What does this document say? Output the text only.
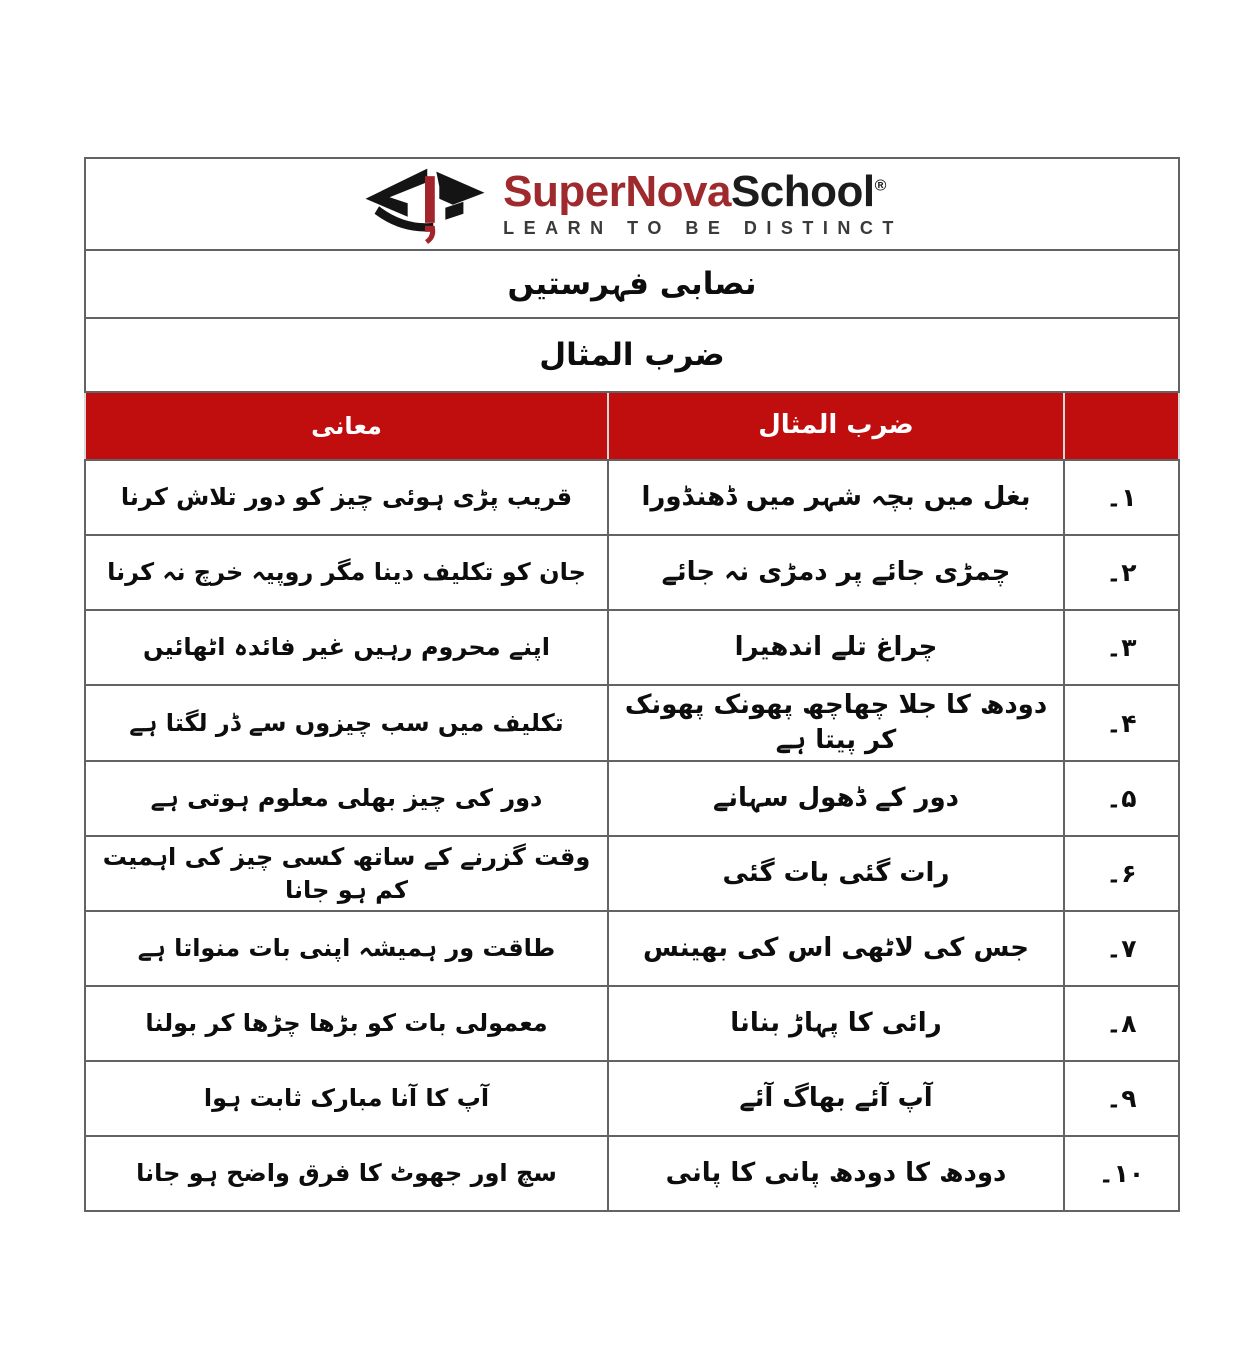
SuperNovaSchool®
LEARN TO BE DISTINCT		

نصابی فہرستیں		
ضرب المثال		
	ضرب المثال	معانی
۱۔	بغل میں بچہ شہر میں ڈھنڈورا	قریب پڑی ہوئی چیز کو دور تلاش کرنا
۲۔	چمڑی جائے پر دمڑی نہ جائے	جان کو تکلیف دینا مگر روپیہ خرچ نہ کرنا
۳۔	چراغ تلے اندھیرا	اپنے محروم رہیں غیر فائدہ اٹھائیں
۴۔	دودھ کا جلا چھاچھ پھونک پھونک کر پیتا ہے	تکلیف میں سب چیزوں سے ڈر لگتا ہے
۵۔	دور کے ڈھول سہانے	دور کی چیز بھلی معلوم ہوتی ہے
۶۔	رات گئی بات گئی	وقت گزرنے کے ساتھ کسی چیز کی اہمیت کم ہو جانا
۷۔	جس کی لاٹھی اس کی بھینس	طاقت ور ہمیشہ اپنی بات منواتا ہے
۸۔	رائی کا پہاڑ بنانا	معمولی بات کو بڑھا چڑھا کر بولنا
۹۔	آپ آئے بھاگ آئے	آپ کا آنا مبارک ثابت ہوا
۱۰۔	دودھ کا دودھ پانی کا پانی	سچ اور جھوٹ کا فرق واضح ہو جانا
